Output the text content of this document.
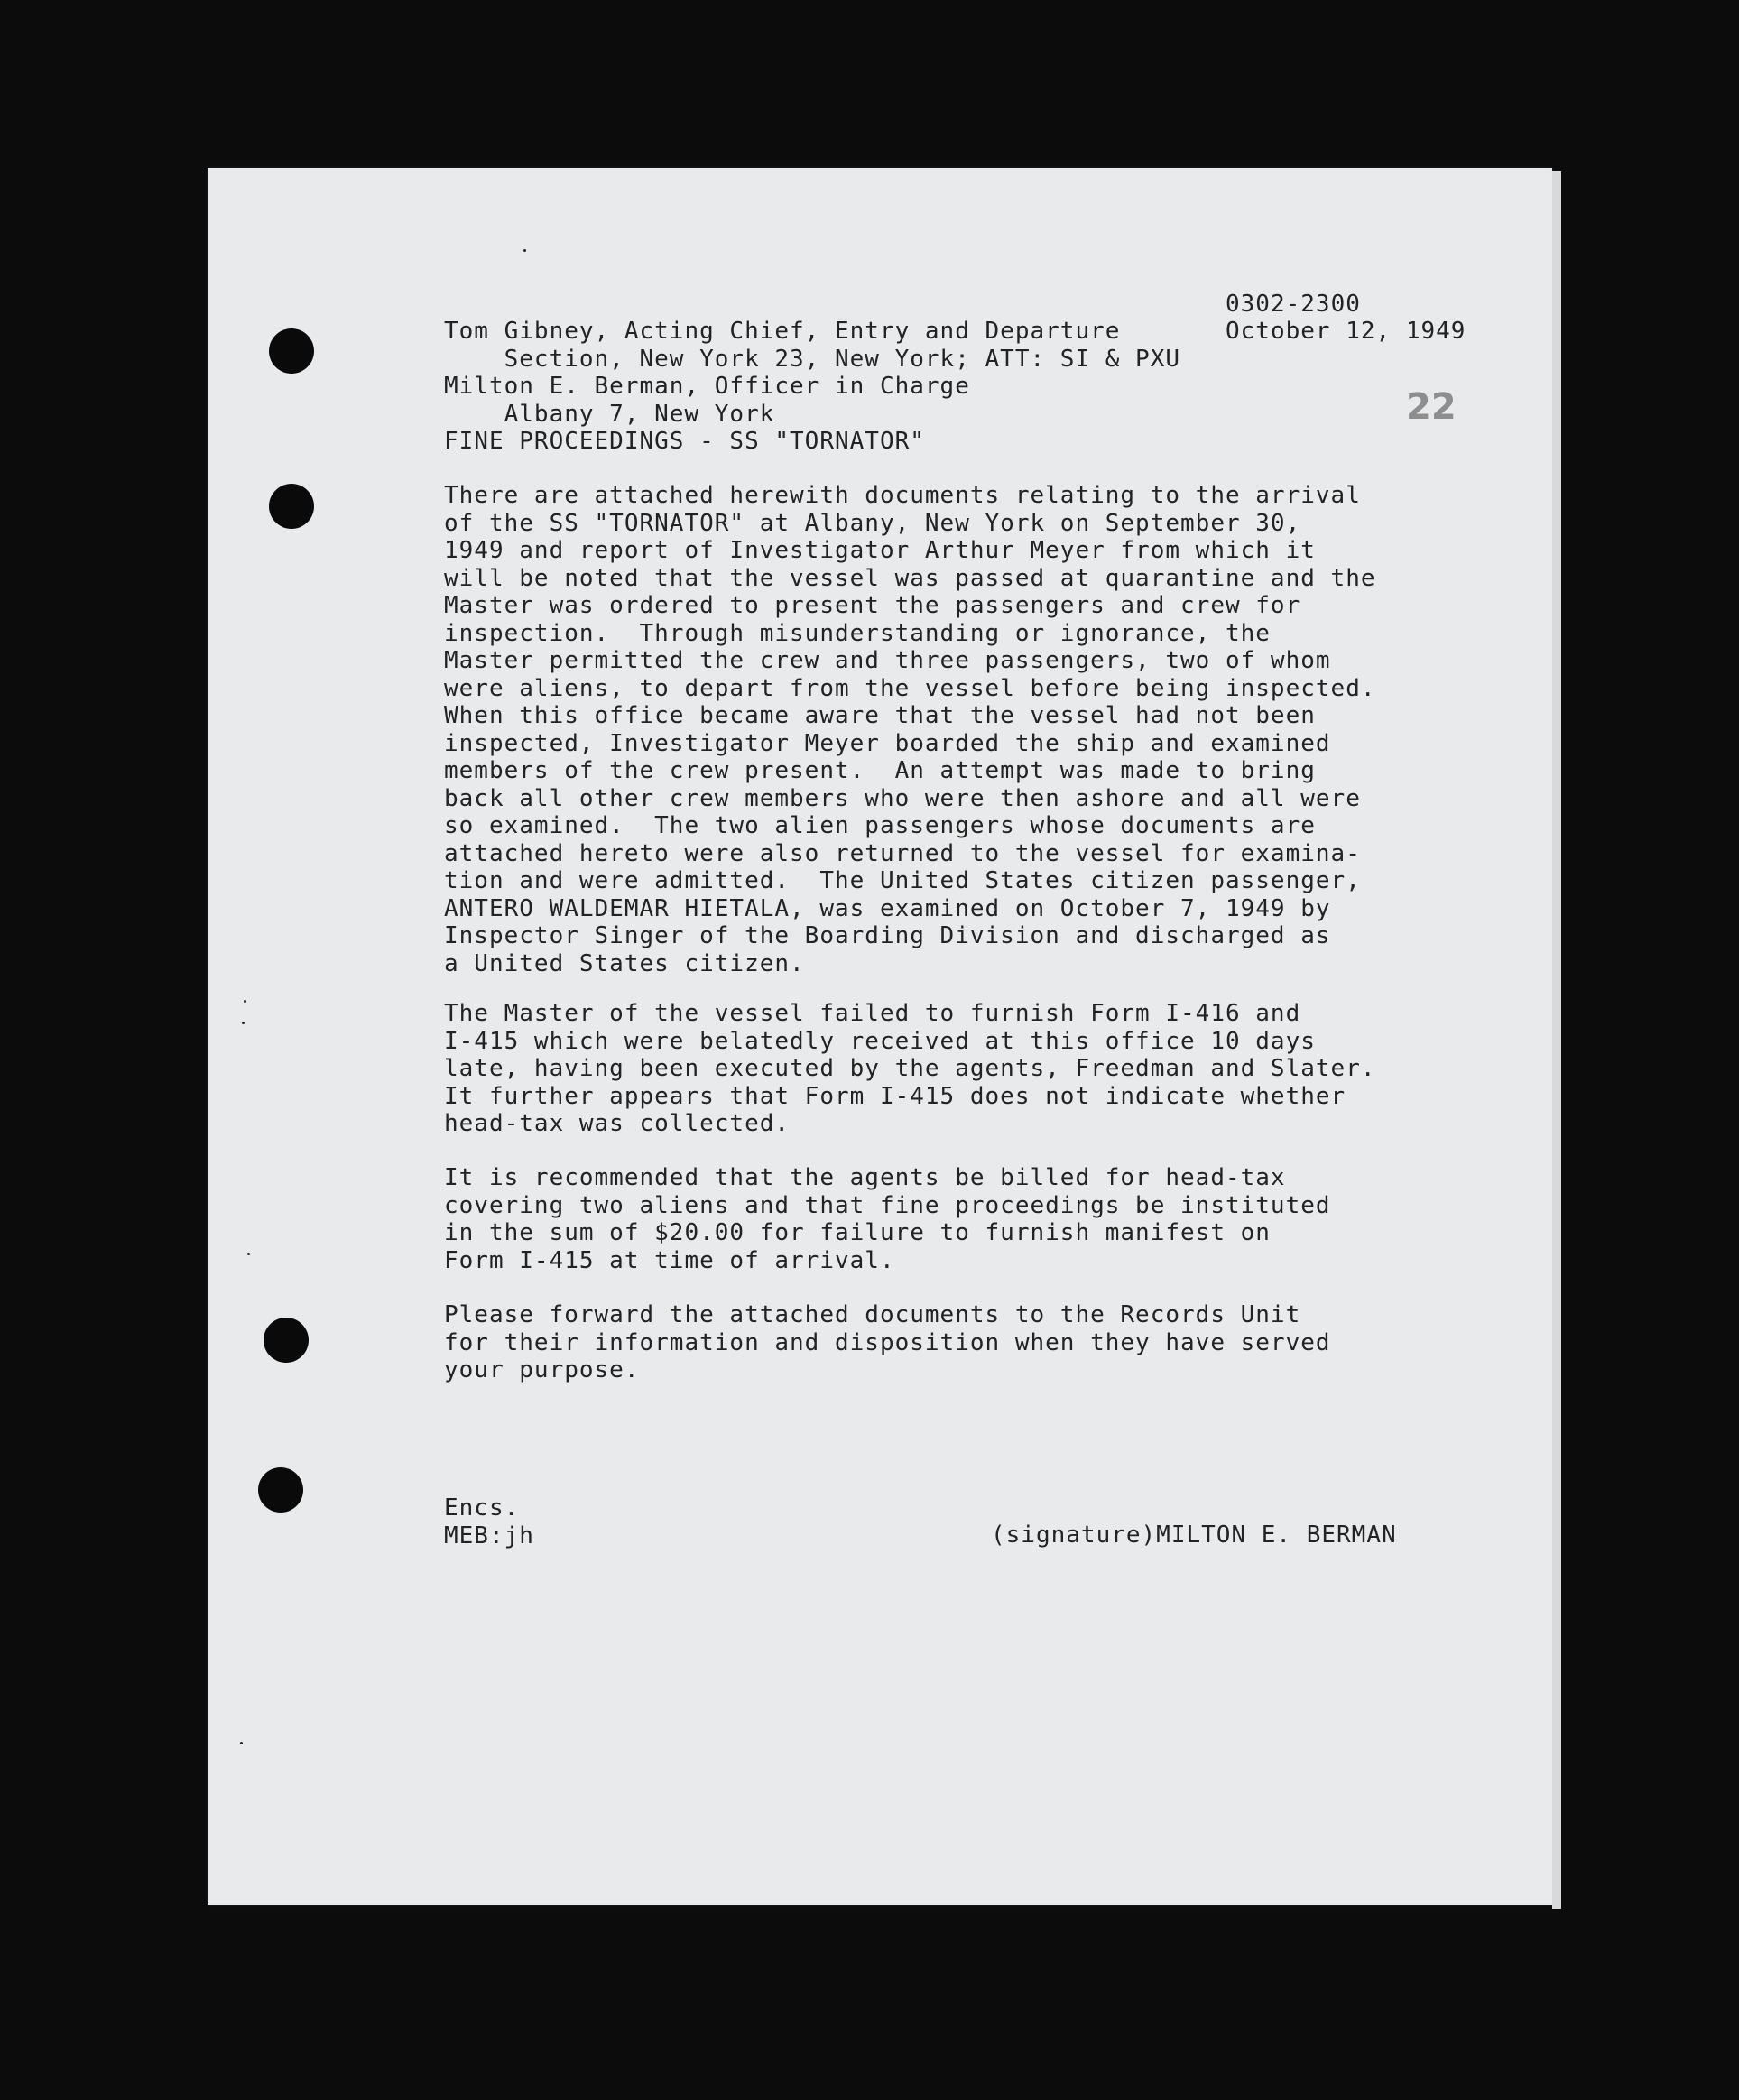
0302-2300
October 12, 1949
Tom Gibney, Acting Chief, Entry and Departure
Section, New York 23, New York; ATT: SI & PXU
Milton E. Berman, Officer in Charge
Albany 7, New York
FINE PROCEEDINGS - SS "TORNATOR"
22
There are attached herewith documents relating to the arrival
of the SS "TORNATOR" at Albany, New York on September 30,
1949 and report of Investigator Arthur Meyer from which it
will be noted that the vessel was passed at quarantine and the
Master was ordered to present the passengers and crew for
inspection.  Through misunderstanding or ignorance, the
Master permitted the crew and three passengers, two of whom
were aliens, to depart from the vessel before being inspected.
When this office became aware that the vessel had not been
inspected, Investigator Meyer boarded the ship and examined
members of the crew present.  An attempt was made to bring
back all other crew members who were then ashore and all were
so examined.  The two alien passengers whose documents are
attached hereto were also returned to the vessel for examina-
tion and were admitted.  The United States citizen passenger,
ANTERO WALDEMAR HIETALA, was examined on October 7, 1949 by
Inspector Singer of the Boarding Division and discharged as
a United States citizen.
The Master of the vessel failed to furnish Form I-416 and
I-415 which were belatedly received at this office 10 days
late, having been executed by the agents, Freedman and Slater.
It further appears that Form I-415 does not indicate whether
head-tax was collected.
It is recommended that the agents be billed for head-tax
covering two aliens and that fine proceedings be instituted
in the sum of $20.00 for failure to furnish manifest on
Form I-415 at time of arrival.
Please forward the attached documents to the Records Unit
for their information and disposition when they have served
your purpose.
Encs.
MEB:jh	(signature)MILTON E. BERMAN
